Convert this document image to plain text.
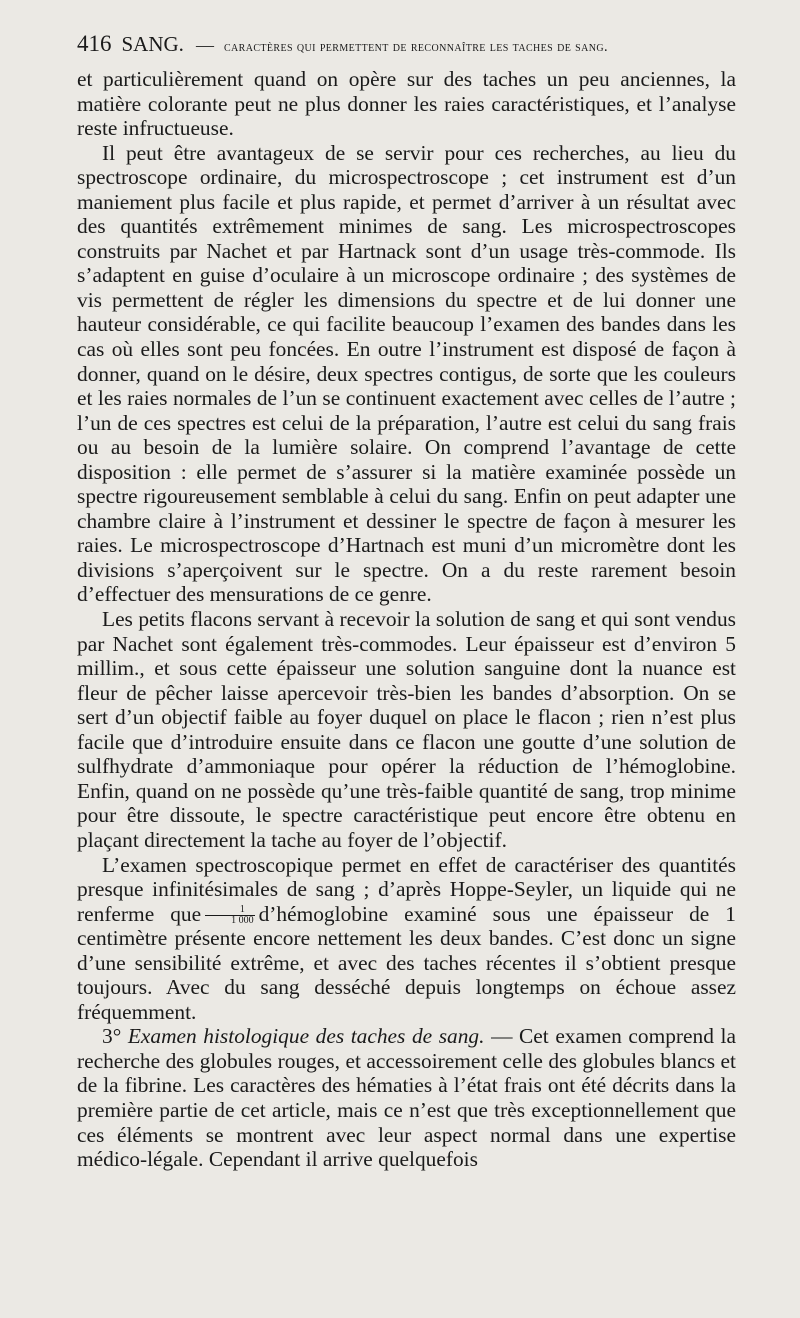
416 SANG. — caractères qui permettent de reconnaître les taches de sang.

et particulièrement quand on opère sur des taches un peu anciennes, la matière colorante peut ne plus donner les raies caractéristiques, et l’analyse reste infructueuse.

Il peut être avantageux de se servir pour ces recherches, au lieu du spectroscope ordinaire, du microspectroscope ; cet instrument est d’un maniement plus facile et plus rapide, et permet d’arriver à un résultat avec des quantités extrêmement minimes de sang. Les microspectroscopes construits par Nachet et par Hartnack sont d’un usage très-commode. Ils s’adaptent en guise d’oculaire à un microscope ordinaire ; des systèmes de vis permettent de régler les dimensions du spectre et de lui donner une hauteur considérable, ce qui facilite beaucoup l’examen des bandes dans les cas où elles sont peu foncées. En outre l’instrument est disposé de façon à donner, quand on le désire, deux spectres contigus, de sorte que les couleurs et les raies normales de l’un se continuent exactement avec celles de l’autre ; l’un de ces spectres est celui de la préparation, l’autre est celui du sang frais ou au besoin de la lumière solaire. On comprend l’avantage de cette disposition : elle permet de s’assurer si la matière examinée possède un spectre rigoureusement semblable à celui du sang. Enfin on peut adapter une chambre claire à l’instrument et dessiner le spectre de façon à mesurer les raies. Le microspectroscope d’Hartnach est muni d’un micromètre dont les divisions s’aperçoivent sur le spectre. On a du reste rarement besoin d’effectuer des mensurations de ce genre.

Les petits flacons servant à recevoir la solution de sang et qui sont vendus par Nachet sont également très-commodes. Leur épaisseur est d’environ 5 millim., et sous cette épaisseur une solution sanguine dont la nuance est fleur de pêcher laisse apercevoir très-bien les bandes d’absorption. On se sert d’un objectif faible au foyer duquel on place le flacon ; rien n’est plus facile que d’introduire ensuite dans ce flacon une goutte d’une solution de sulfhydrate d’ammoniaque pour opérer la réduction de l’hémoglobine. Enfin, quand on ne possède qu’une très-faible quantité de sang, trop minime pour être dissoute, le spectre caractéristique peut encore être obtenu en plaçant directement la tache au foyer de l’objectif.

L’examen spectroscopique permet en effet de caractériser des quantités presque infinitésimales de sang ; d’après Hoppe-Seyler, un liquide qui ne renferme que $\frac{1}{1 000}$ d’hémoglobine examiné sous une épaisseur de 1 centimètre présente encore nettement les deux bandes. C’est donc un signe d’une sensibilité extrême, et avec des taches récentes il s’obtient presque toujours. Avec du sang desséché depuis longtemps on échoue assez fréquemment.

3° Examen histologique des taches de sang. — Cet examen comprend la recherche des globules rouges, et accessoirement celle des globules blancs et de la fibrine. Les caractères des hématies à l’état frais ont été décrits dans la première partie de cet article, mais ce n’est que très exceptionnellement que ces éléments se montrent avec leur aspect normal dans une expertise médico-légale. Cependant il arrive quelquefois
